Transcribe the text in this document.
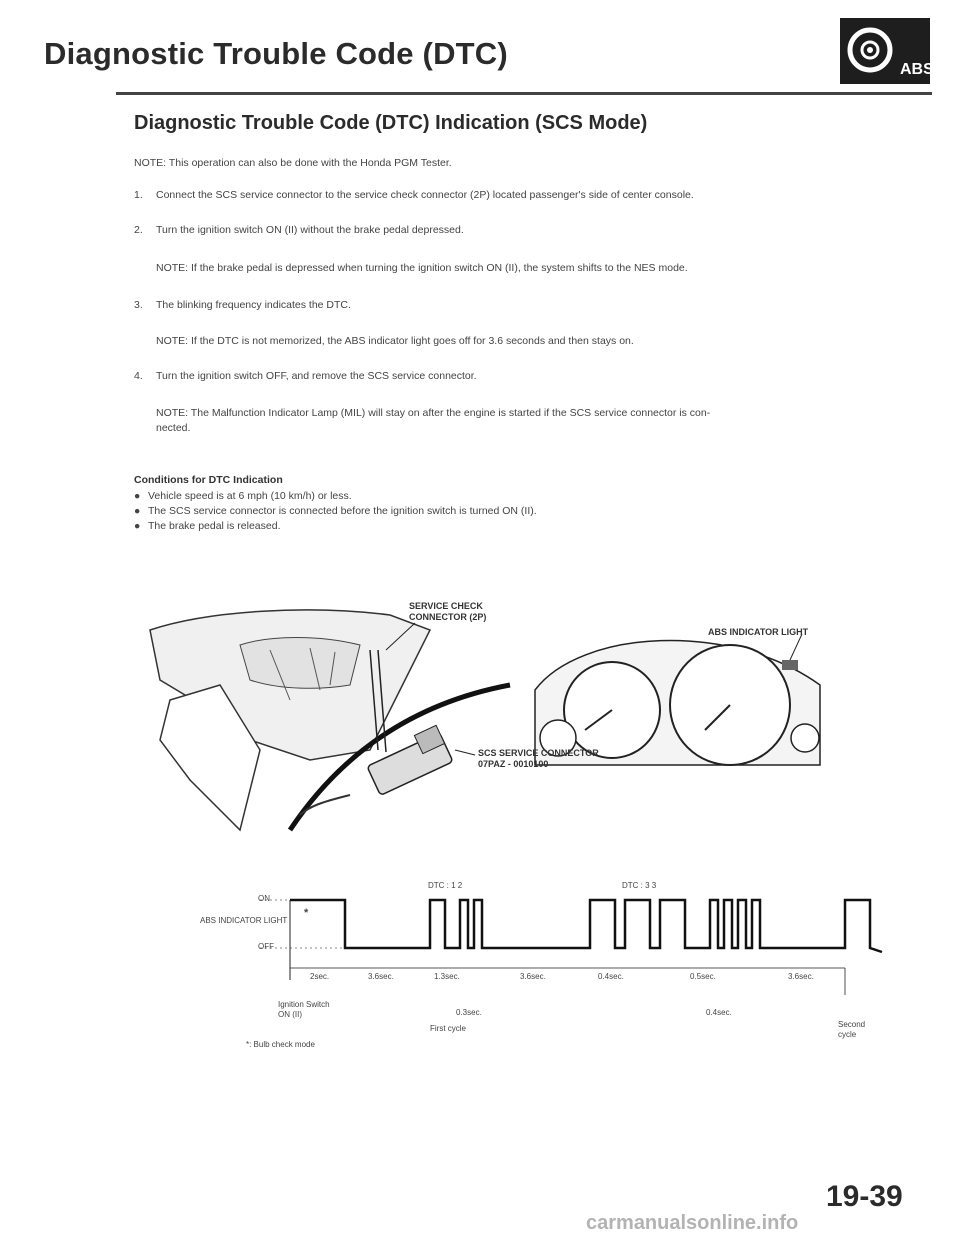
Diagnostic Trouble Code (DTC)	ABS
Diagnostic Trouble Code (DTC) Indication (SCS Mode)
NOTE: This operation can also be done with the Honda PGM Tester.
1. Connect the SCS service connector to the service check connector (2P) located passenger's side of center console.
2. Turn the ignition switch ON (II) without the brake pedal depressed.
NOTE: If the brake pedal is depressed when turning the ignition switch ON (II), the system shifts to the NES mode.
3. The blinking frequency indicates the DTC.
NOTE: If the DTC is not memorized, the ABS indicator light goes off for 3.6 seconds and then stays on.
4. Turn the ignition switch OFF, and remove the SCS service connector.
NOTE: The Malfunction Indicator Lamp (MIL) will stay on after the engine is started if the SCS service connector is con-
nected.
Conditions for DTC Indication
● Vehicle speed is at 6 mph (10 km/h) or less.
● The SCS service connector is connected before the ignition switch is turned ON (II).
● The brake pedal is released.
SERVICE CHECK
CONNECTOR (2P)
ABS INDICATOR LIGHT
SCS SERVICE CONNECTOR
07PAZ - 0010100
ON
ABS INDICATOR LIGHT
OFF
*
DTC : 1 2	DTC : 3 3
2sec.	3.6sec.	1.3sec.	3.6sec.	0.4sec.	0.5sec.	3.6sec.
0.3sec.	0.4sec.
Ignition Switch
ON (II)
First cycle	Second
cycle
*: Bulb check mode
19-39
carmanualsonline.info
